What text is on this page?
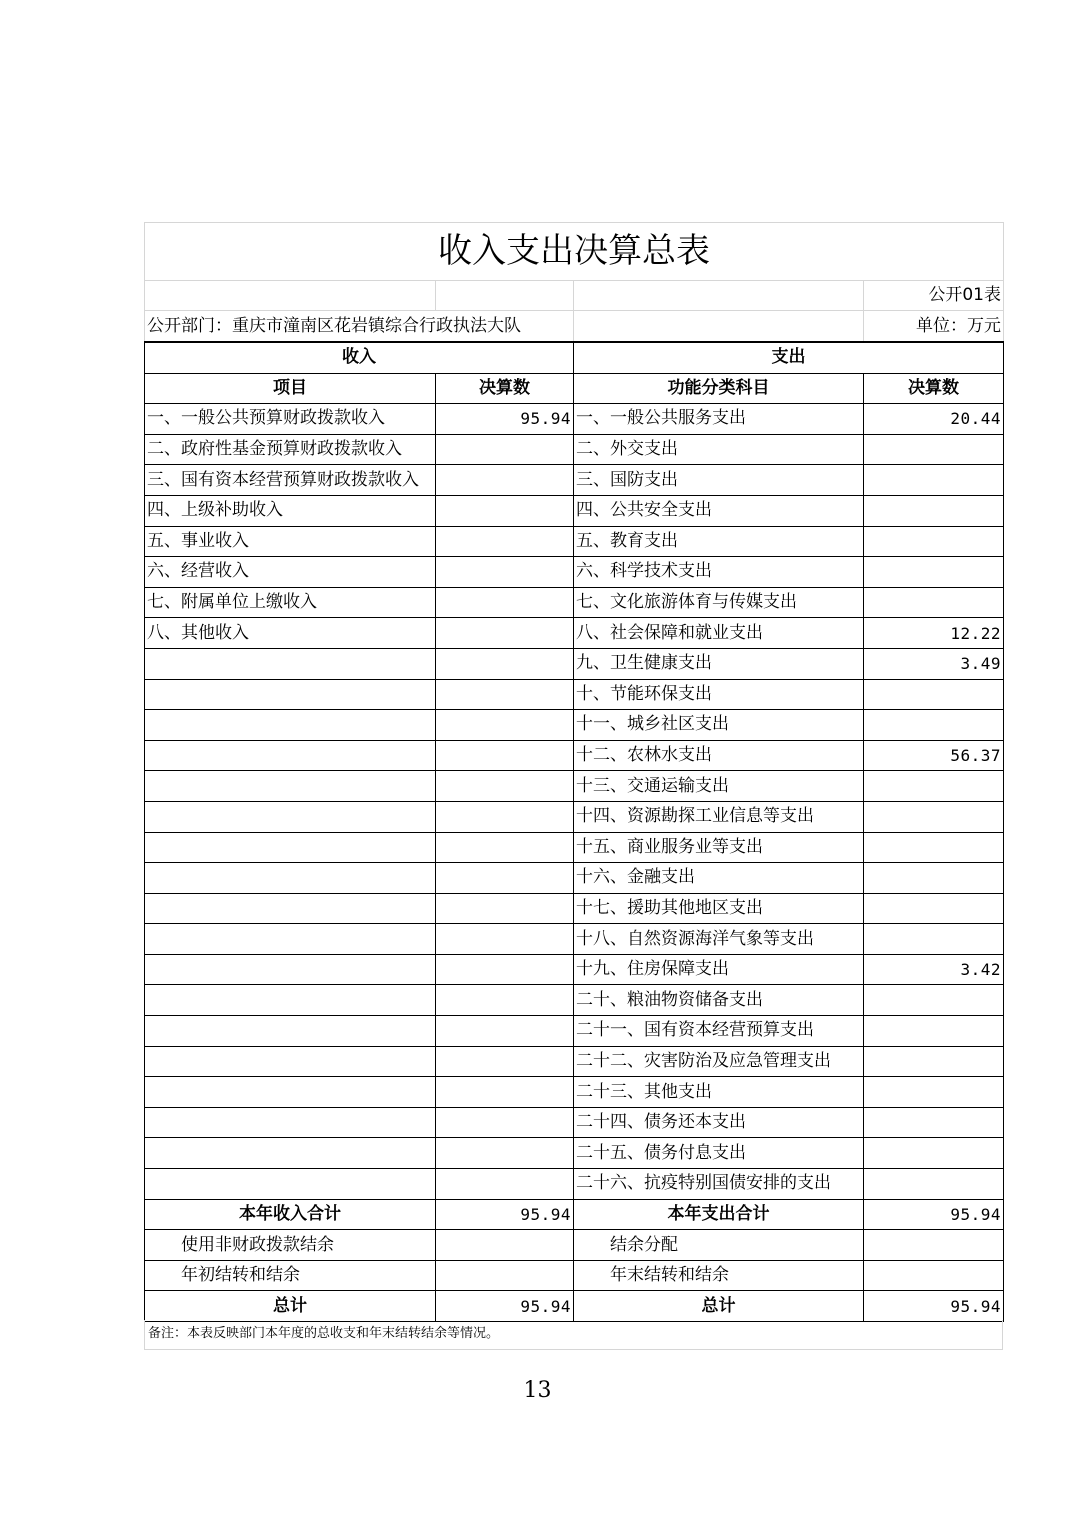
收入支出决算总表			
			公开01表
公开部门：重庆市潼南区花岩镇综合行政执法大队			单位：万元
收入		支出	
项目	决算数	功能分类科目	决算数
一、一般公共预算财政拨款收入	95.94	一、一般公共服务支出	20.44
二、政府性基金预算财政拨款收入		二、外交支出	
三、国有资本经营预算财政拨款收入		三、国防支出	
四、上级补助收入		四、公共安全支出	
五、事业收入		五、教育支出	
六、经营收入		六、科学技术支出	
七、附属单位上缴收入		七、文化旅游体育与传媒支出	
八、其他收入		八、社会保障和就业支出	12.22
		九、卫生健康支出	3.49
		十、节能环保支出	
		十一、城乡社区支出	
		十二、农林水支出	56.37
		十三、交通运输支出	
		十四、资源勘探工业信息等支出	
		十五、商业服务业等支出	
		十六、金融支出	
		十七、援助其他地区支出	
		十八、自然资源海洋气象等支出	
		十九、住房保障支出	3.42
		二十、粮油物资储备支出	
		二十一、国有资本经营预算支出	
		二十二、灾害防治及应急管理支出	
		二十三、其他支出	
		二十四、债务还本支出	
		二十五、债务付息支出	
		二十六、抗疫特别国债安排的支出	
本年收入合计	95.94	本年支出合计	95.94
使用非财政拨款结余		结余分配	
年初结转和结余		年末结转和结余	
总计	95.94	总计	95.94
备注：本表反映部门本年度的总收支和年末结转结余等情况。
13
